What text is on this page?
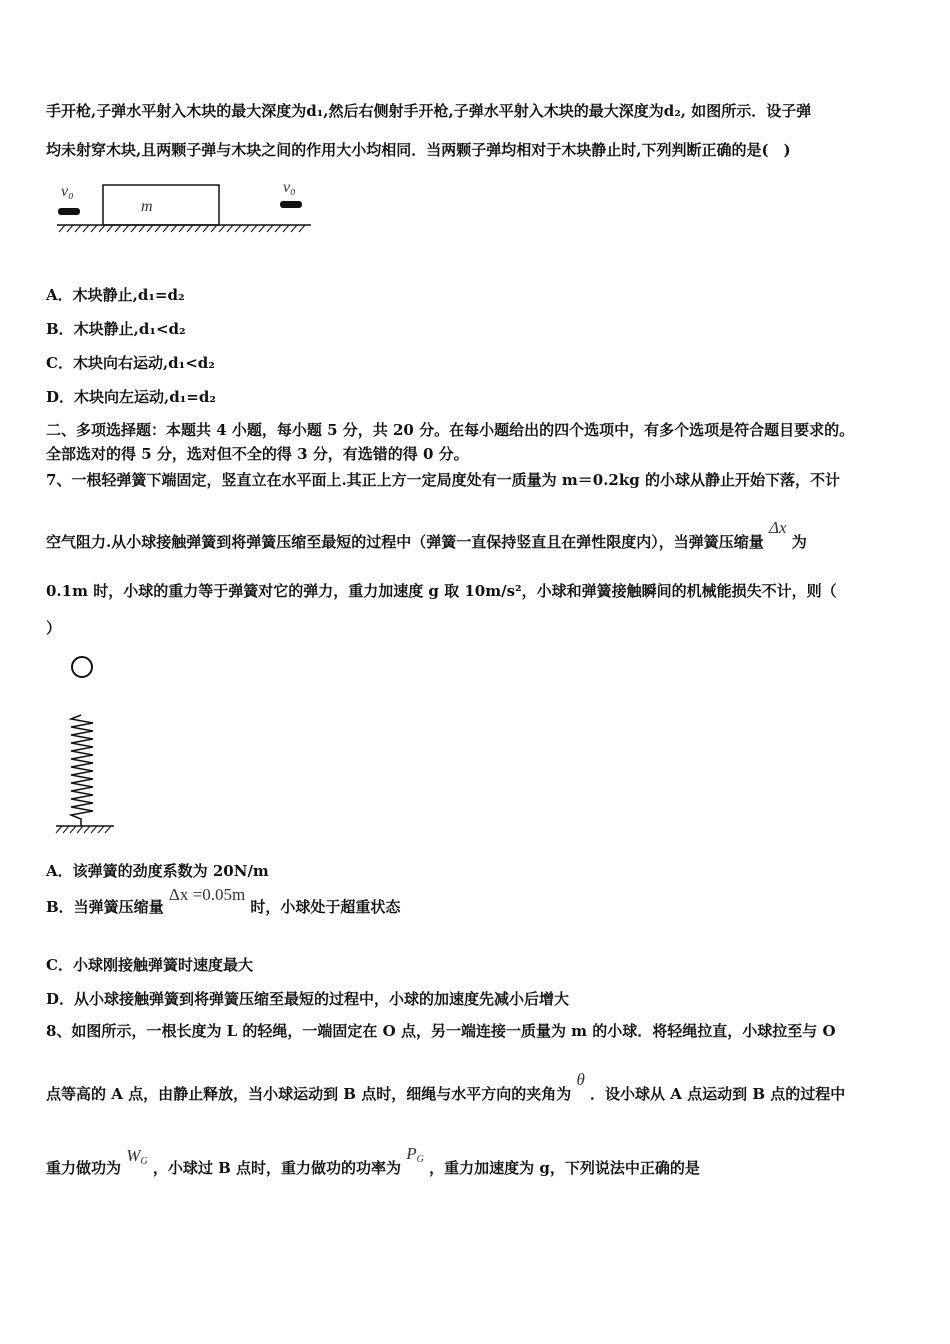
手开枪,子弹水平射入木块的最大深度为d₁,然后右侧射手开枪,子弹水平射入木块的最大深度为d₂, 如图所示．设子弹
均未射穿木块,且两颗子弹与木块之间的作用大小均相同．当两颗子弹均相对于木块静止时,下列判断正确的是(　)
v₀
m
v₀
A．木块静止,d₁=d₂
B．木块静止,d₁<d₂
C．木块向右运动,d₁<d₂
D．木块向左运动,d₁=d₂
二、多项选择题：本题共 4 小题，每小题 5 分，共 20 分。在每小题给出的四个选项中，有多个选项是符合题目要求的。
全部选对的得 5 分，选对但不全的得 3 分，有选错的得 0 分。
7、一根轻弹簧下端固定，竖直立在水平面上.其正上方一定局度处有一质量为 m＝0.2kg 的小球从静止开始下落，不计
空气阻力.从小球接触弹簧到将弹簧压缩至最短的过程中（弹簧一直保持竖直且在弹性限度内），当弹簧压缩量 Δx 为
0.1m 时，小球的重力等于弹簧对它的弹力，重力加速度 g 取 10m/s²，小球和弹簧接触瞬间的机械能损失不计，则（
）
A．该弹簧的劲度系数为 20N/m
B．当弹簧压缩量 Δx =0.05m 时，小球处于超重状态
C．小球刚接触弹簧时速度最大
D．从小球接触弹簧到将弹簧压缩至最短的过程中，小球的加速度先减小后增大
8、如图所示，一根长度为 L 的轻绳，一端固定在 O 点，另一端连接一质量为 m 的小球．将轻绳拉直，小球拉至与 O
点等高的 A 点，由静止释放，当小球运动到 B 点时，细绳与水平方向的夹角为 θ ．设小球从 A 点运动到 B 点的过程中
重力做功为 $W_G$ ，小球过 B 点时，重力做功的功率为 $P_G$ ，重力加速度为 g，下列说法中正确的是
